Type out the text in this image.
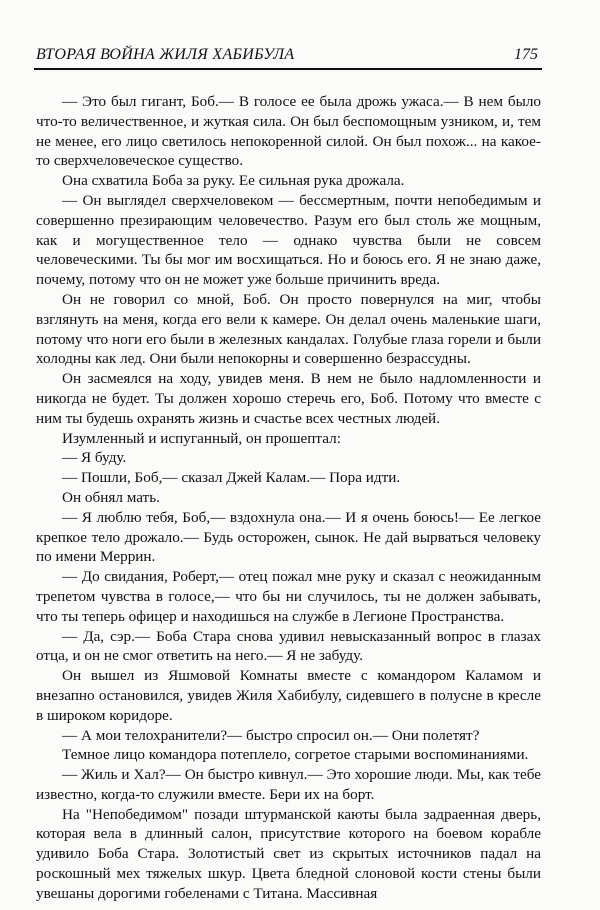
ВТОРАЯ ВОЙНА ЖИЛЯ ХАБИБУЛА	175

— Это был гигант, Боб.— В голосе ее была дрожь ужаса.— В нем было что-то величественное, и жуткая сила. Он был беспомощным узником, и, тем не менее, его лицо светилось непокоренной силой. Он был похож... на какое-то сверхчеловеческое существо.

Она схватила Боба за руку. Ее сильная рука дрожала.

— Он выглядел сверхчеловеком — бессмертным, почти непобедимым и совершенно презирающим человечество. Разум его был столь же мощным, как и могущественное тело — однако чувства были не совсем человеческими. Ты бы мог им восхищаться. Но и боюсь его. Я не знаю даже, почему, потому что он не может уже больше причинить вреда.

Он не говорил со мной, Боб. Он просто повернулся на миг, чтобы взглянуть на меня, когда его вели к камере. Он делал очень маленькие шаги, потому что ноги его были в железных кандалах. Голубые глаза горели и были холодны как лед. Они были непокорны и совершенно безрассудны.

Он засмеялся на ходу, увидев меня. В нем не было надломленности и никогда не будет. Ты должен хорошо стеречь его, Боб. Потому что вместе с ним ты будешь охранять жизнь и счастье всех честных людей.

Изумленный и испуганный, он прошептал:

— Я буду.

— Пошли, Боб,— сказал Джей Калам.— Пора идти.

Он обнял мать.

— Я люблю тебя, Боб,— вздохнула она.— И я очень боюсь!— Ее легкое крепкое тело дрожало.— Будь осторожен, сынок. Не дай вырваться человеку по имени Меррин.

— До свидания, Роберт,— отец пожал мне руку и сказал с неожиданным трепетом чувства в голосе,— что бы ни случилось, ты не должен забывать, что ты теперь офицер и находишься на службе в Легионе Пространства.

— Да, сэр.— Боба Стара снова удивил невысказанный вопрос в глазах отца, и он не смог ответить на него.— Я не забуду.

Он вышел из Яшмовой Комнаты вместе с командором Каламом и внезапно остановился, увидев Жиля Хабибулу, сидевшего в полусне в кресле в широком коридоре.

— А мои телохранители?— быстро спросил он.— Они полетят?

Темное лицо командора потеплело, согретое старыми воспоминаниями.

— Жиль и Хал?— Он быстро кивнул.— Это хорошие люди. Мы, как тебе известно, когда-то служили вместе. Бери их на борт.

На "Непобедимом" позади штурманской каюты была задраенная дверь, которая вела в длинный салон, присутствие которого на боевом корабле удивило Боба Стара. Золотистый свет из скрытых источников падал на роскошный мех тяжелых шкур. Цвета бледной слоновой кости стены были увешаны дорогими гобеленами с Титана. Массивная
